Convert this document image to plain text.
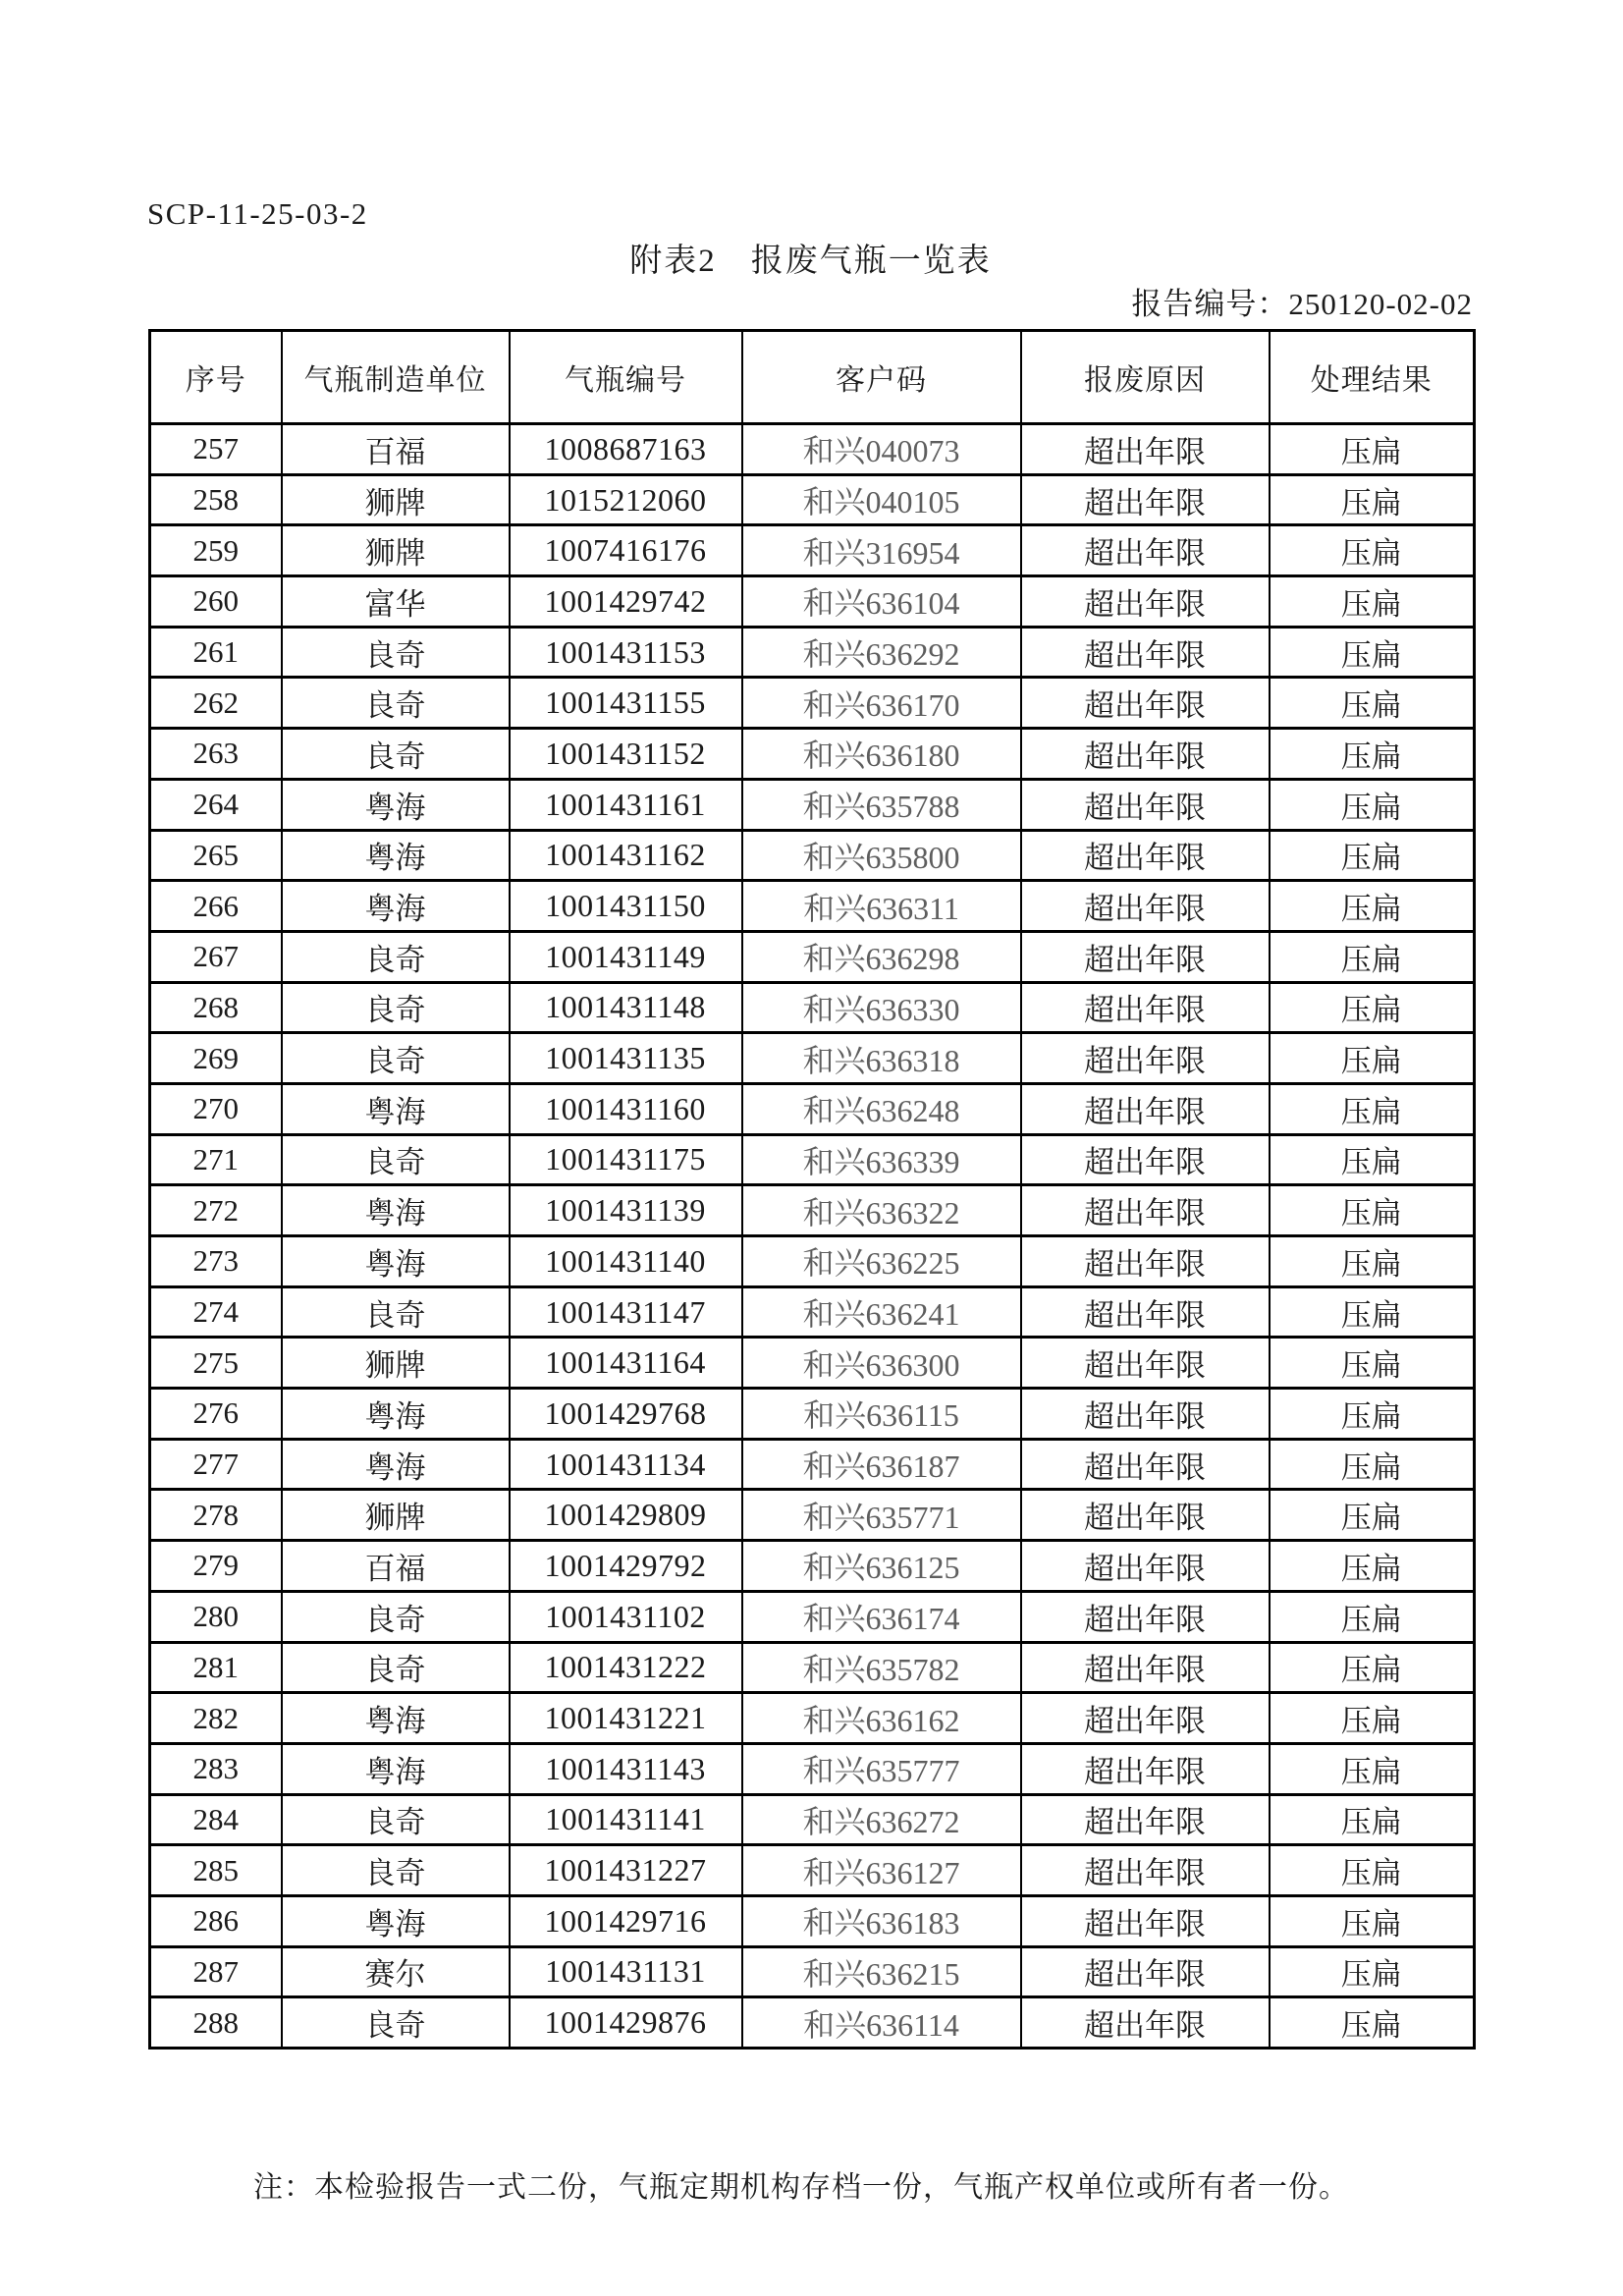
SCP-11-25-03-2
附表2　报废气瓶一览表
报告编号：250120-02-02
序号	气瓶制造单位	气瓶编号	客户码	报废原因	处理结果
257	百福	1008687163	和兴040073	超出年限	压扁
258	狮牌	1015212060	和兴040105	超出年限	压扁
259	狮牌	1007416176	和兴316954	超出年限	压扁
260	富华	1001429742	和兴636104	超出年限	压扁
261	良奇	1001431153	和兴636292	超出年限	压扁
262	良奇	1001431155	和兴636170	超出年限	压扁
263	良奇	1001431152	和兴636180	超出年限	压扁
264	粤海	1001431161	和兴635788	超出年限	压扁
265	粤海	1001431162	和兴635800	超出年限	压扁
266	粤海	1001431150	和兴636311	超出年限	压扁
267	良奇	1001431149	和兴636298	超出年限	压扁
268	良奇	1001431148	和兴636330	超出年限	压扁
269	良奇	1001431135	和兴636318	超出年限	压扁
270	粤海	1001431160	和兴636248	超出年限	压扁
271	良奇	1001431175	和兴636339	超出年限	压扁
272	粤海	1001431139	和兴636322	超出年限	压扁
273	粤海	1001431140	和兴636225	超出年限	压扁
274	良奇	1001431147	和兴636241	超出年限	压扁
275	狮牌	1001431164	和兴636300	超出年限	压扁
276	粤海	1001429768	和兴636115	超出年限	压扁
277	粤海	1001431134	和兴636187	超出年限	压扁
278	狮牌	1001429809	和兴635771	超出年限	压扁
279	百福	1001429792	和兴636125	超出年限	压扁
280	良奇	1001431102	和兴636174	超出年限	压扁
281	良奇	1001431222	和兴635782	超出年限	压扁
282	粤海	1001431221	和兴636162	超出年限	压扁
283	粤海	1001431143	和兴635777	超出年限	压扁
284	良奇	1001431141	和兴636272	超出年限	压扁
285	良奇	1001431227	和兴636127	超出年限	压扁
286	粤海	1001429716	和兴636183	超出年限	压扁
287	赛尔	1001431131	和兴636215	超出年限	压扁
288	良奇	1001429876	和兴636114	超出年限	压扁
注：本检验报告一式二份，气瓶定期机构存档一份，气瓶产权单位或所有者一份。
